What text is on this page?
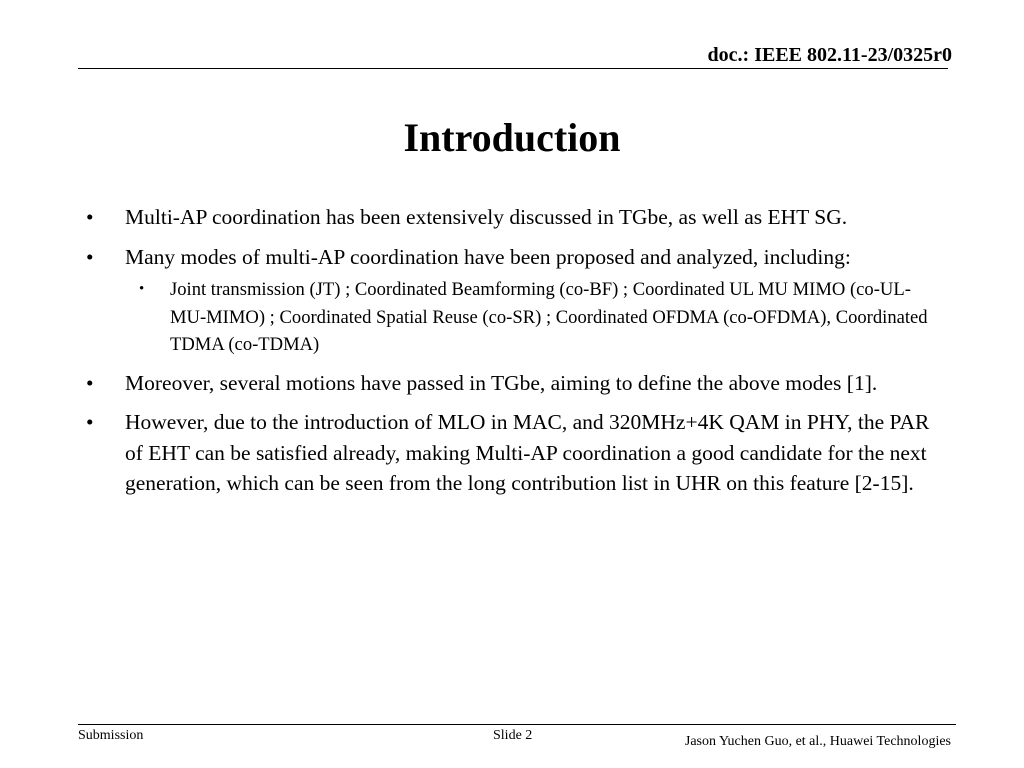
doc.: IEEE 802.11-23/0325r0
Introduction
• Multi-AP coordination has been extensively discussed in TGbe, as well as EHT SG.
• Many modes of multi-AP coordination have been proposed and analyzed, including:
• Joint transmission (JT) ; Coordinated Beamforming (co-BF) ; Coordinated UL MU MIMO (co-UL-MU-MIMO) ; Coordinated Spatial Reuse (co-SR) ; Coordinated OFDMA (co-OFDMA), Coordinated TDMA (co-TDMA)
• Moreover, several motions have passed in TGbe, aiming to define the above modes [1].
• However, due to the introduction of MLO in MAC, and 320MHz+4K QAM in PHY, the PAR of EHT can be satisfied already, making Multi-AP coordination a good candidate for the next generation, which can be seen from the long contribution list in UHR on this feature [2-15].
Submission	Slide 2	Jason Yuchen Guo, et al., Huawei Technologies
